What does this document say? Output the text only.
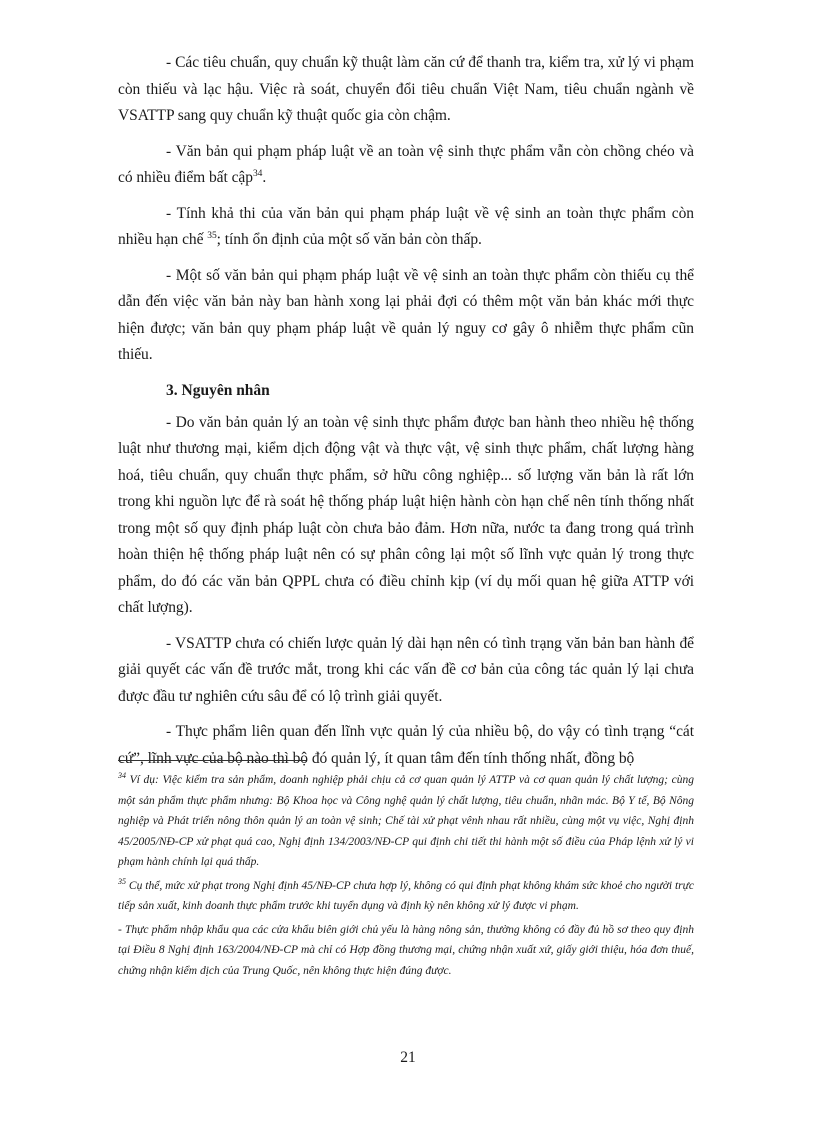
- Các tiêu chuẩn, quy chuẩn kỹ thuật làm căn cứ để thanh tra, kiểm tra, xử lý vi phạm còn thiếu và lạc hậu. Việc rà soát, chuyển đổi tiêu chuẩn Việt Nam, tiêu chuẩn ngành về VSATTP sang quy chuẩn kỹ thuật quốc gia còn chậm.

- Văn bản qui phạm pháp luật về an toàn vệ sinh thực phẩm vẫn còn chồng chéo và có nhiều điểm bất cập$^{34}$.

- Tính khả thi của văn bản qui phạm pháp luật về vệ sinh an toàn thực phẩm còn nhiều hạn chế $^{35}$; tính ổn định của một số văn bản còn thấp.

- Một số văn bản qui phạm pháp luật về vệ sinh an toàn thực phẩm còn thiếu cụ thể dẫn đến việc văn bản này ban hành xong lại phải đợi có thêm một văn bản khác mới thực hiện được; văn bản quy phạm pháp luật về quản lý nguy cơ gây ô nhiễm thực phẩm cũn thiếu.

3. Nguyên nhân

- Do văn bản quản lý an toàn vệ sinh thực phẩm được ban hành theo nhiều hệ thống luật như thương mại, kiểm dịch động vật và thực vật, vệ sinh thực phẩm, chất lượng hàng hoá, tiêu chuẩn, quy chuẩn thực phẩm, sở hữu công nghiệp... số lượng văn bản là rất lớn trong khi nguồn lực để rà soát hệ thống pháp luật hiện hành còn hạn chế nên tính thống nhất trong một số quy định pháp luật còn chưa bảo đảm. Hơn nữa, nước ta đang trong quá trình hoàn thiện hệ thống pháp luật nên có sự phân công lại một số lĩnh vực quản lý trong thực phẩm, do đó các văn bản QPPL chưa có điều chỉnh kịp (ví dụ mối quan hệ giữa ATTP với chất lượng).

- VSATTP chưa có chiến lược quản lý dài hạn nên có tình trạng văn bản ban hành để giải quyết các vấn đề trước mắt, trong khi các vấn đề cơ bản của công tác quản lý lại chưa được đầu tư nghiên cứu sâu để có lộ trình giải quyết.

- Thực phẩm liên quan đến lĩnh vực quản lý của nhiều bộ, do vậy có tình trạng “cát cứ”, lĩnh vực của bộ nào thì bộ đó quản lý, ít quan tâm đến tính thống nhất, đồng bộ

$^{34}$ Ví dụ: Việc kiểm tra sản phẩm, doanh nghiệp phải chịu cả cơ quan quản lý ATTP và cơ quan quản lý chất lượng; cùng một sản phẩm thực phẩm nhưng: Bộ Khoa học và Công nghệ quản lý chất lượng, tiêu chuẩn, nhãn mác. Bộ Y tế, Bộ Nông nghiệp và Phát triển nông thôn quản lý an toàn vệ sinh; Chế tài xử phạt vênh nhau rất nhiều, cùng một vụ việc, Nghị định 45/2005/NĐ-CP xử phạt quá cao, Nghị định 134/2003/NĐ-CP qui định chi tiết thi hành một số điều của Pháp lệnh xử lý vi phạm hành chính lại quá thấp.

$^{35}$ Cụ thể, mức xử phạt trong Nghị định 45/NĐ-CP chưa hợp lý, không có qui định phạt không khám sức khoẻ cho người trực tiếp sản xuất, kinh doanh thực phẩm trước khi tuyển dụng và định kỳ nên không xử lý được vi phạm.

- Thực phẩm nhập khẩu qua các cửa khẩu biên giới chủ yếu là hàng nông sản, thường không có đầy đủ hồ sơ theo quy định tại Điều 8 Nghị định 163/2004/NĐ-CP mà chỉ có Hợp đồng thương mại, chứng nhận xuất xứ, giấy giới thiệu, hóa đơn thuế, chứng nhận kiểm dịch của Trung Quốc, nên không thực hiện đúng được.

21
